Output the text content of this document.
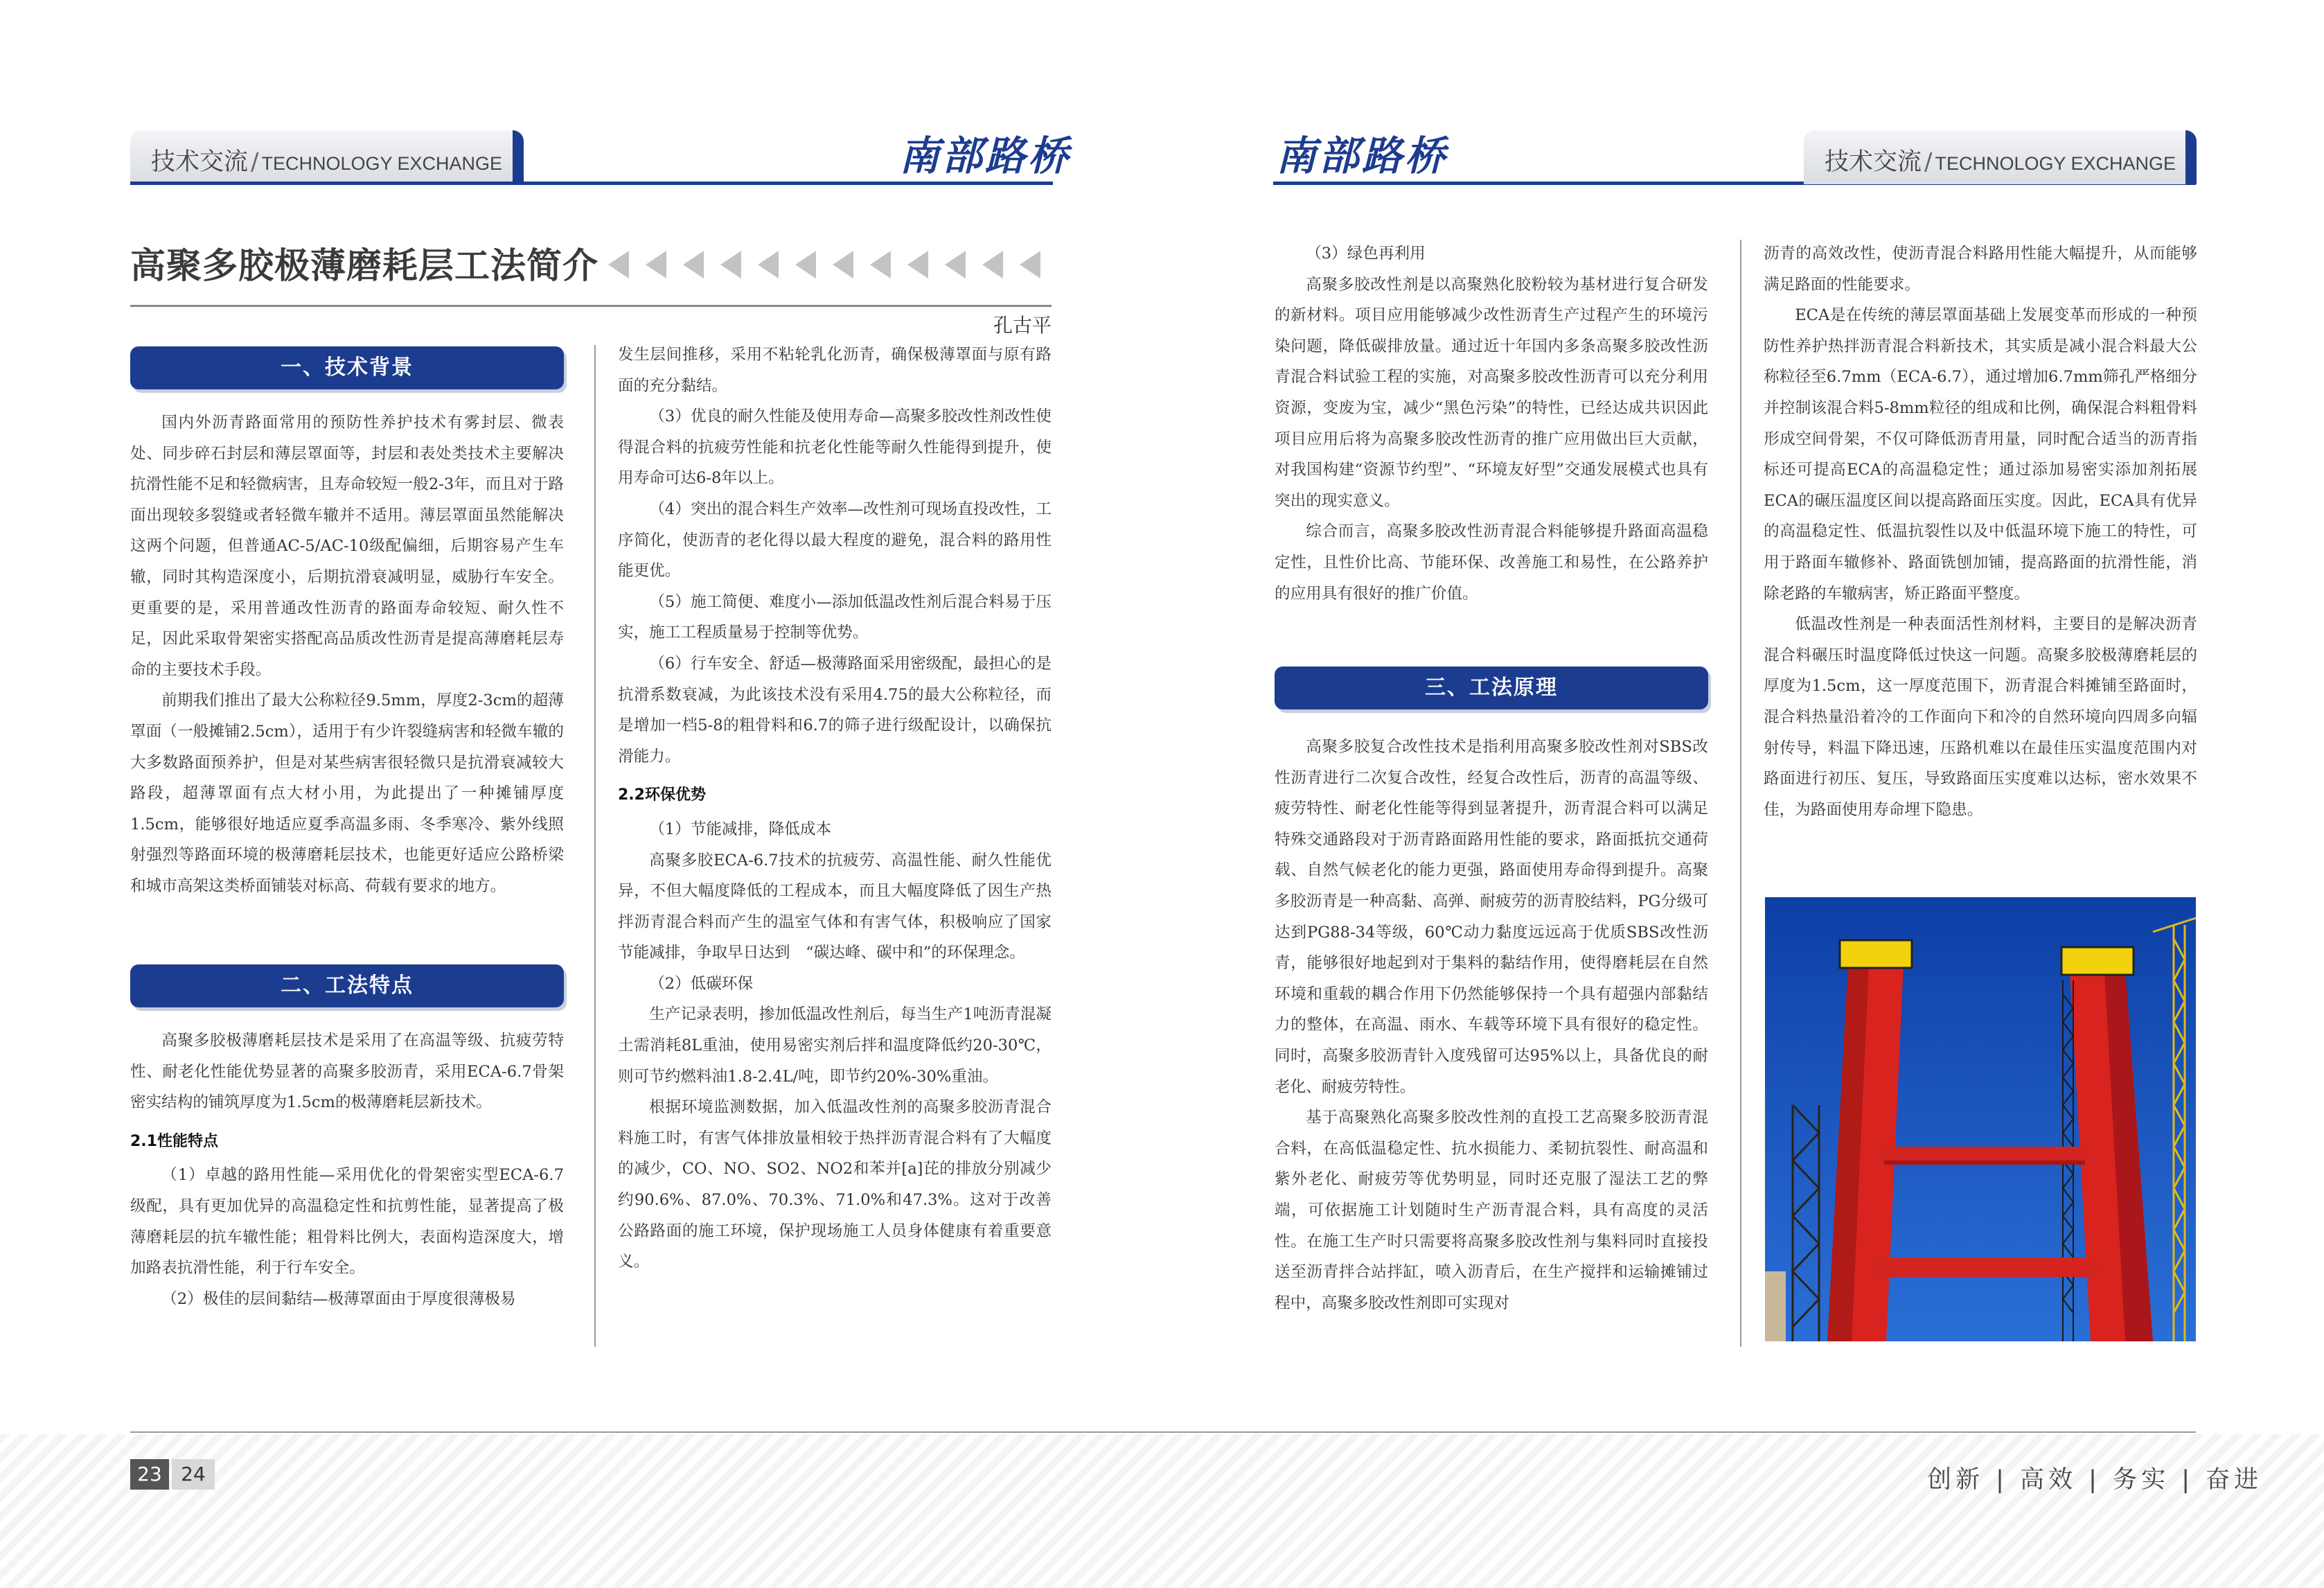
技术交流 / TECHNOLOGY EXCHANGE	南部路桥	南部路桥	技术交流 / TECHNOLOGY EXCHANGE
高聚多胶极薄磨耗层工法简介
孔古平
一、技术背景

国内外沥青路面常用的预防性养护技术有雾封层、微表处、同步碎石封层和薄层罩面等，封层和表处类技术主要解决抗滑性能不足和轻微病害，且寿命较短一般2-3年，而且对于路面出现较多裂缝或者轻微车辙并不适用。薄层罩面虽然能解决这两个问题，但普通AC-5/AC-10级配偏细，后期容易产生车辙，同时其构造深度小，后期抗滑衰减明显，威胁行车安全。更重要的是，采用普通改性沥青的路面寿命较短、耐久性不足，因此采取骨架密实搭配高品质改性沥青是提高薄磨耗层寿命的主要技术手段。

前期我们推出了最大公称粒径9.5mm，厚度2-3cm的超薄罩面（一般摊铺2.5cm），适用于有少许裂缝病害和轻微车辙的大多数路面预养护，但是对某些病害很轻微只是抗滑衰减较大路段，超薄罩面有点大材小用，为此提出了一种摊铺厚度1.5cm，能够很好地适应夏季高温多雨、冬季寒冷、紫外线照射强烈等路面环境的极薄磨耗层技术，也能更好适应公路桥梁和城市高架这类桥面铺装对标高、荷载有要求的地方。

二、工法特点

高聚多胶极薄磨耗层技术是采用了在高温等级、抗疲劳特性、耐老化性能优势显著的高聚多胶沥青，采用ECA-6.7骨架密实结构的铺筑厚度为1.5cm的极薄磨耗层新技术。

2.1性能特点

（1）卓越的路用性能—采用优化的骨架密实型ECA-6.7级配，具有更加优异的高温稳定性和抗剪性能，显著提高了极薄磨耗层的抗车辙性能；粗骨料比例大，表面构造深度大，增加路表抗滑性能，利于行车安全。

（2）极佳的层间黏结—极薄罩面由于厚度很薄极易

发生层间推移，采用不粘轮乳化沥青，确保极薄罩面与原有路面的充分黏结。

（3）优良的耐久性能及使用寿命—高聚多胶改性剂改性使得混合料的抗疲劳性能和抗老化性能等耐久性能得到提升，使用寿命可达6-8年以上。

（4）突出的混合料生产效率—改性剂可现场直投改性，工序简化，使沥青的老化得以最大程度的避免，混合料的路用性能更优。

（5）施工简便、难度小—添加低温改性剂后混合料易于压实，施工工程质量易于控制等优势。

（6）行车安全、舒适—极薄路面采用密级配，最担心的是抗滑系数衰减，为此该技术没有采用4.75的最大公称粒径，而是增加一档5-8的粗骨料和6.7的筛子进行级配设计，以确保抗滑能力。

2.2环保优势

（1）节能减排，降低成本

高聚多胶ECA-6.7技术的抗疲劳、高温性能、耐久性能优异，不但大幅度降低的工程成本，而且大幅度降低了因生产热拌沥青混合料而产生的温室气体和有害气体，积极响应了国家节能减排，争取早日达到　“碳达峰、碳中和”的环保理念。

（2）低碳环保

生产记录表明，掺加低温改性剂后，每当生产1吨沥青混凝土需消耗8L重油，使用易密实剂后拌和温度降低约20-30℃，则可节约燃料油1.8-2.4L/吨，即节约20%-30%重油。

根据环境监测数据，加入低温改性剂的高聚多胶沥青混合料施工时，有害气体排放量相较于热拌沥青混合料有了大幅度的减少，CO、NO、SO2、NO2和苯并[a]芘的排放分别减少约90.6%、87.0%、70.3%、71.0%和47.3%。这对于改善公路路面的施工环境，保护现场施工人员身体健康有着重要意义。

（3）绿色再利用

高聚多胶改性剂是以高聚熟化胶粉较为基材进行复合研发的新材料。项目应用能够减少改性沥青生产过程产生的环境污染问题，降低碳排放量。通过近十年国内多条高聚多胶改性沥青混合料试验工程的实施，对高聚多胶改性沥青可以充分利用资源，变废为宝，减少“黑色污染”的特性，已经达成共识因此项目应用后将为高聚多胶改性沥青的推广应用做出巨大贡献，对我国构建“资源节约型”、“环境友好型”交通发展模式也具有突出的现实意义。

综合而言，高聚多胶改性沥青混合料能够提升路面高温稳定性，且性价比高、节能环保、改善施工和易性，在公路养护的应用具有很好的推广价值。

三、工法原理

高聚多胶复合改性技术是指利用高聚多胶改性剂对SBS改性沥青进行二次复合改性，经复合改性后，沥青的高温等级、疲劳特性、耐老化性能等得到显著提升，沥青混合料可以满足特殊交通路段对于沥青路面路用性能的要求，路面抵抗交通荷载、自然气候老化的能力更强，路面使用寿命得到提升。高聚多胶沥青是一种高黏、高弹、耐疲劳的沥青胶结料，PG分级可达到PG88-34等级，60℃动力黏度远远高于优质SBS改性沥青，能够很好地起到对于集料的黏结作用，使得磨耗层在自然环境和重载的耦合作用下仍然能够保持一个具有超强内部黏结力的整体，在高温、雨水、车载等环境下具有很好的稳定性。同时，高聚多胶沥青针入度残留可达95%以上，具备优良的耐老化、耐疲劳特性。

基于高聚熟化高聚多胶改性剂的直投工艺高聚多胶沥青混合料，在高低温稳定性、抗水损能力、柔韧抗裂性、耐高温和紫外老化、耐疲劳等优势明显，同时还克服了湿法工艺的弊端，可依据施工计划随时生产沥青混合料，具有高度的灵活性。在施工生产时只需要将高聚多胶改性剂与集料同时直接投送至沥青拌合站拌缸，喷入沥青后，在生产搅拌和运输摊铺过程中，高聚多胶改性剂即可实现对

沥青的高效改性，使沥青混合料路用性能大幅提升，从而能够满足路面的性能要求。

ECA是在传统的薄层罩面基础上发展变革而形成的一种预防性养护热拌沥青混合料新技术，其实质是减小混合料最大公称粒径至6.7mm（ECA-6.7），通过增加6.7mm筛孔严格细分并控制该混合料5-8mm粒径的组成和比例，确保混合料粗骨料形成空间骨架，不仅可降低沥青用量，同时配合适当的沥青指标还可提高ECA的高温稳定性；通过添加易密实添加剂拓展ECA的碾压温度区间以提高路面压实度。因此，ECA具有优异的高温稳定性、低温抗裂性以及中低温环境下施工的特性，可用于路面车辙修补、路面铣刨加铺，提高路面的抗滑性能，消除老路的车辙病害，矫正路面平整度。

低温改性剂是一种表面活性剂材料，主要目的是解决沥青混合料碾压时温度降低过快这一问题。高聚多胶极薄磨耗层的厚度为1.5cm，这一厚度范围下，沥青混合料摊铺至路面时，混合料热量沿着冷的工作面向下和冷的自然环境向四周多向辐射传导，料温下降迅速，压路机难以在最佳压实温度范围内对路面进行初压、复压，导致路面压实度难以达标，密水效果不佳，为路面使用寿命埋下隐患。

23 24	创新 | 高效 | 务实 | 奋进
